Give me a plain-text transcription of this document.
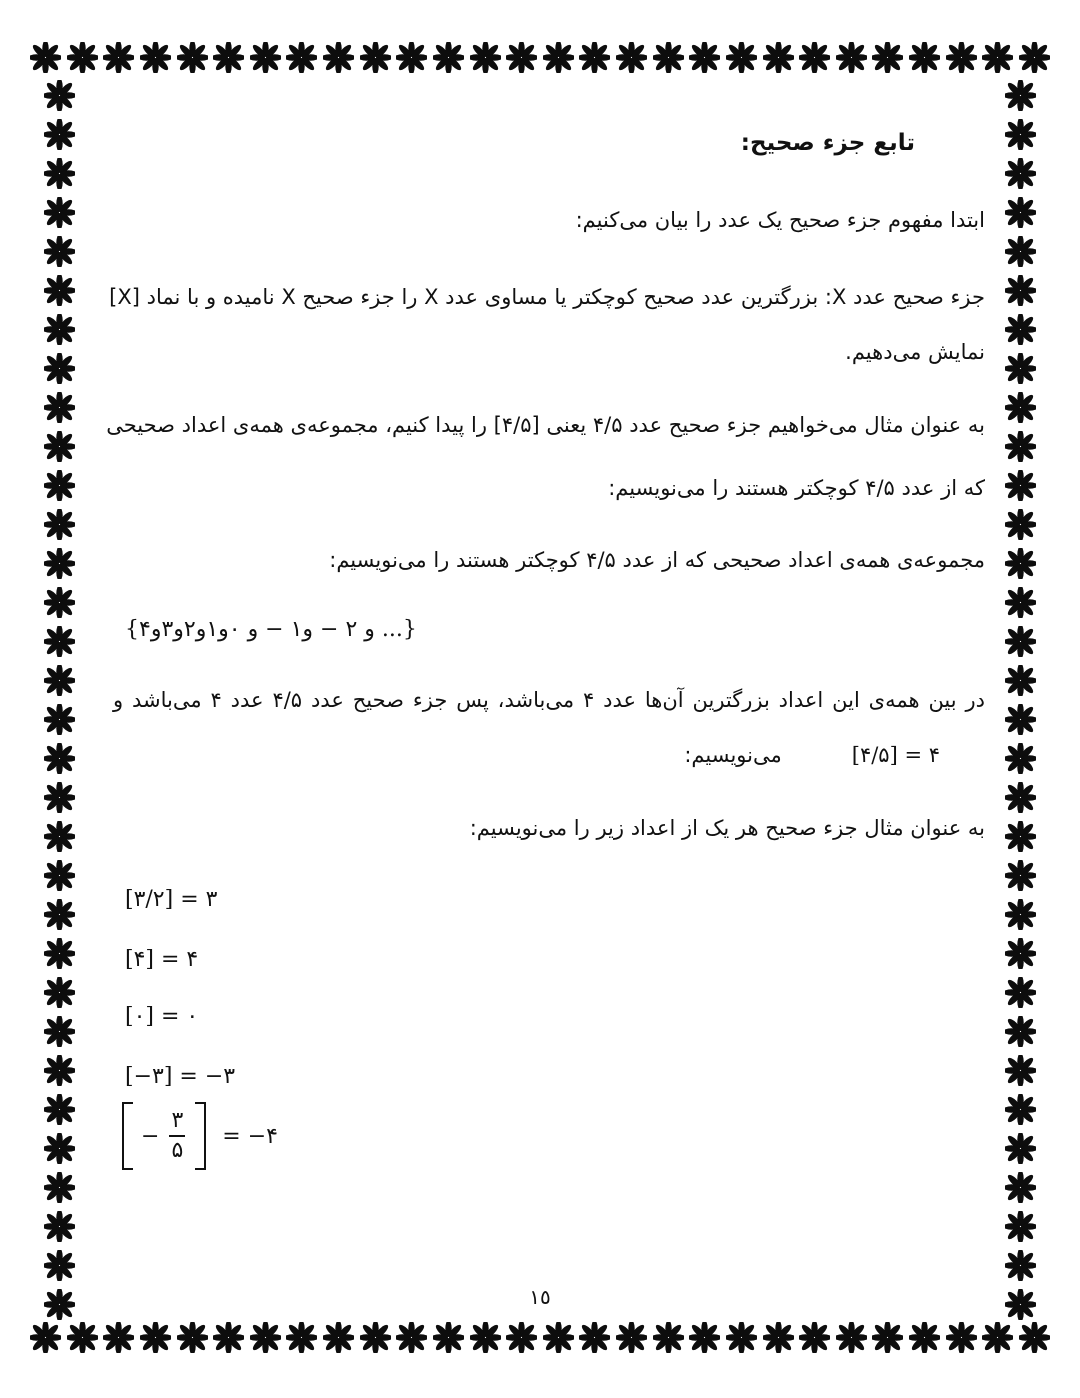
تابع جزء صحیح:
ابتدا مفهوم جزء صحیح یک عدد را بیان می‌کنیم:
جزء صحیح عدد X: بزرگترین عدد صحیح کوچکتر یا مساوی عدد X را جزء صحیح X نامیده و با نماد [X]
نمایش می‌دهیم.
به عنوان مثال می‌خواهیم جزء صحیح عدد ۴/۵ یعنی [۴/۵] را پیدا کنیم، مجموعه‌ی همه‌ی اعداد صحیحی
که از عدد ۴/۵ کوچکتر هستند را می‌نویسیم:
مجموعه‌ی همه‌ی اعداد صحیحی که از عدد ۴/۵ کوچکتر هستند را می‌نویسیم:
{۴و۳و۲و۱و٠ و − ۱و − ۲ و ...}
در بین همه‌ی این اعداد بزرگترین آن‌ها عدد ۴ می‌باشد، پس جزء صحیح عدد ۴/۵ عدد ۴ می‌باشد و
می‌نویسیم:	[۴/۵] = ۴
به عنوان مثال جزء صحیح هر یک از اعداد زیر را می‌نویسیم:
[۳/۲] = ۳
[۴] = ۴
[٠] = ٠
[−۳] = −۳
− $\frac{۳}{۵}$ = −۴
١٥
